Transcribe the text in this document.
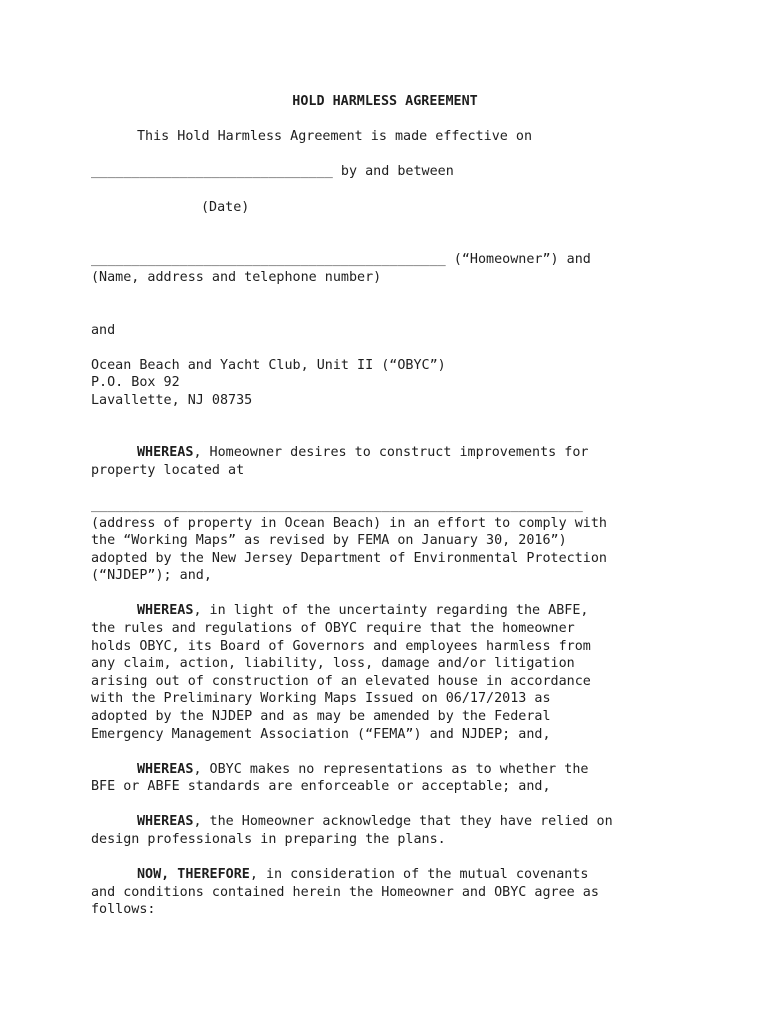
HOLD HARMLESS AGREEMENT
This Hold Harmless Agreement is made effective on
______________________________ by and between
(Date)
____________________________________________ (“Homeowner”) and
(Name, address and telephone number)
and
Ocean Beach and Yacht Club, Unit II (“OBYC”)
P.O. Box 92
Lavallette, NJ 08735
WHEREAS, Homeowner desires to construct improvements for
property located at
_____________________________________________________________
(address of property in Ocean Beach) in an effort to comply with
the “Working Maps” as revised by FEMA on January 30, 2016”)
adopted by the New Jersey Department of Environmental Protection
(“NJDEP”); and,
WHEREAS, in light of the uncertainty regarding the ABFE,
the rules and regulations of OBYC require that the homeowner
holds OBYC, its Board of Governors and employees harmless from
any claim, action, liability, loss, damage and/or litigation
arising out of construction of an elevated house in accordance
with the Preliminary Working Maps Issued on 06/17/2013 as
adopted by the NJDEP and as may be amended by the Federal
Emergency Management Association (“FEMA”) and NJDEP; and,
WHEREAS, OBYC makes no representations as to whether the
BFE or ABFE standards are enforceable or acceptable; and,
WHEREAS, the Homeowner acknowledge that they have relied on
design professionals in preparing the plans.
NOW, THEREFORE, in consideration of the mutual covenants
and conditions contained herein the Homeowner and OBYC agree as
follows:
